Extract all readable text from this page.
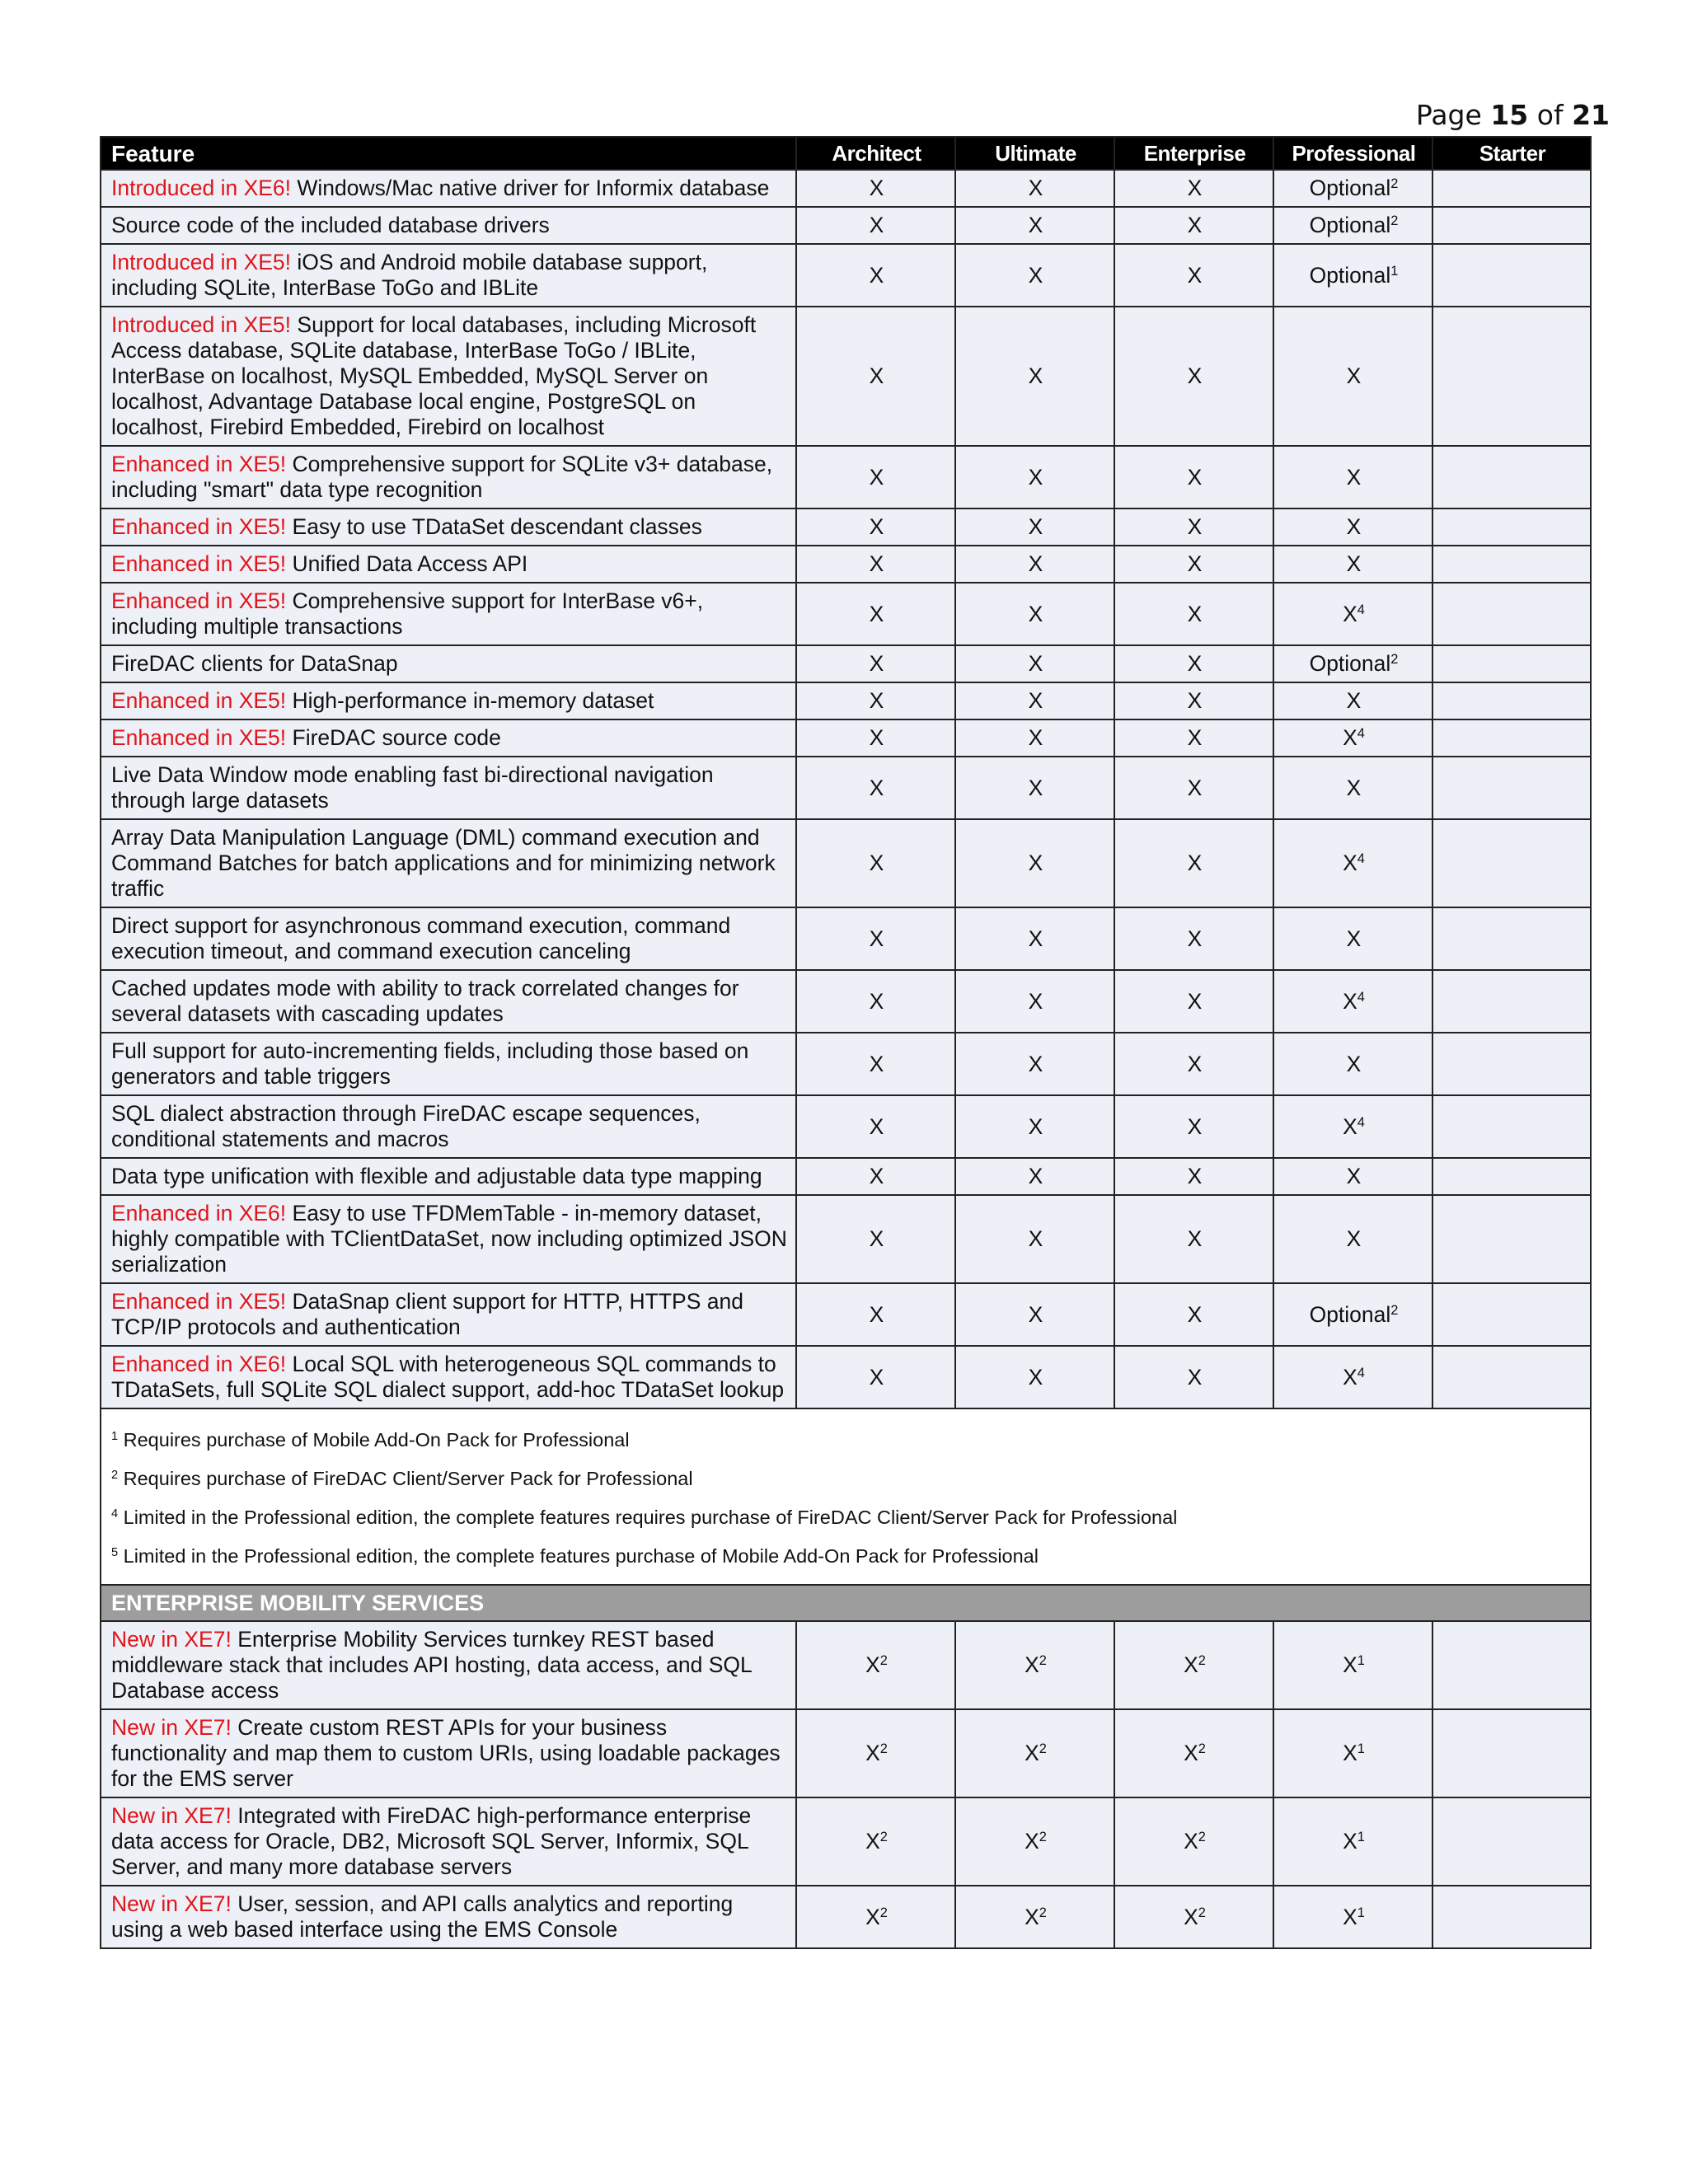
Page 15 of 21
Feature	Architect	Ultimate	Enterprise	Professional	Starter
Introduced in XE6! Windows/Mac native driver for Informix database	X	X	X	Optional$^2$	
Source code of the included database drivers	X	X	X	Optional$^2$	
Introduced in XE5! iOS and Android mobile database support, including SQLite, InterBase ToGo and IBLite	X	X	X	Optional$^1$	
Introduced in XE5! Support for local databases, including Microsoft Access database, SQLite database, InterBase ToGo / IBLite, InterBase on localhost, MySQL Embedded, MySQL Server on localhost, Advantage Database local engine, PostgreSQL on localhost, Firebird Embedded, Firebird on localhost	X	X	X	X	
Enhanced in XE5! Comprehensive support for SQLite v3+ database, including "smart" data type recognition	X	X	X	X	
Enhanced in XE5! Easy to use TDataSet descendant classes	X	X	X	X	
Enhanced in XE5! Unified Data Access API	X	X	X	X	
Enhanced in XE5! Comprehensive support for InterBase v6+, including multiple transactions	X	X	X	$X^4$	
FireDAC clients for DataSnap	X	X	X	Optional$^2$	
Enhanced in XE5! High-performance in-memory dataset	X	X	X	X	
Enhanced in XE5! FireDAC source code	X	X	X	$X^4$	
Live Data Window mode enabling fast bi-directional navigation through large datasets	X	X	X	X	
Array Data Manipulation Language (DML) command execution and Command Batches for batch applications and for minimizing network traffic	X	X	X	$X^4$	
Direct support for asynchronous command execution, command execution timeout, and command execution canceling	X	X	X	X	
Cached updates mode with ability to track correlated changes for several datasets with cascading updates	X	X	X	$X^4$	
Full support for auto-incrementing fields, including those based on generators and table triggers	X	X	X	X	
SQL dialect abstraction through FireDAC escape sequences, conditional statements and macros	X	X	X	$X^4$	
Data type unification with flexible and adjustable data type mapping	X	X	X	X	
Enhanced in XE6! Easy to use TFDMemTable - in-memory dataset, highly compatible with TClientDataSet, now including optimized JSON serialization	X	X	X	X	
Enhanced in XE5! DataSnap client support for HTTP, HTTPS and TCP/IP protocols and authentication	X	X	X	Optional$^2$	
Enhanced in XE6! Local SQL with heterogeneous SQL commands to TDataSets, full SQLite SQL dialect support, add-hoc TDataSet lookup	X	X	X	$X^4$	

$^1$ Requires purchase of Mobile Add-On Pack for Professional
$^2$ Requires purchase of FireDAC Client/Server Pack for Professional
$^4$ Limited in the Professional edition, the complete features requires purchase of FireDAC Client/Server Pack for Professional
$^5$ Limited in the Professional edition, the complete features purchase of Mobile Add-On Pack for Professional					

ENTERPRISE MOBILITY SERVICES					
New in XE7! Enterprise Mobility Services turnkey REST based middleware stack that includes API hosting, data access, and SQL Database access	$X^2$	$X^2$	$X^2$	$X^1$	
New in XE7! Create custom REST APIs for your business functionality and map them to custom URIs, using loadable packages for the EMS server	$X^2$	$X^2$	$X^2$	$X^1$	
New in XE7! Integrated with FireDAC high-performance enterprise data access for Oracle, DB2, Microsoft SQL Server, Informix, SQL Server, and many more database servers	$X^2$	$X^2$	$X^2$	$X^1$	
New in XE7! User, session, and API calls analytics and reporting using a web based interface using the EMS Console	$X^2$	$X^2$	$X^2$	$X^1$	
